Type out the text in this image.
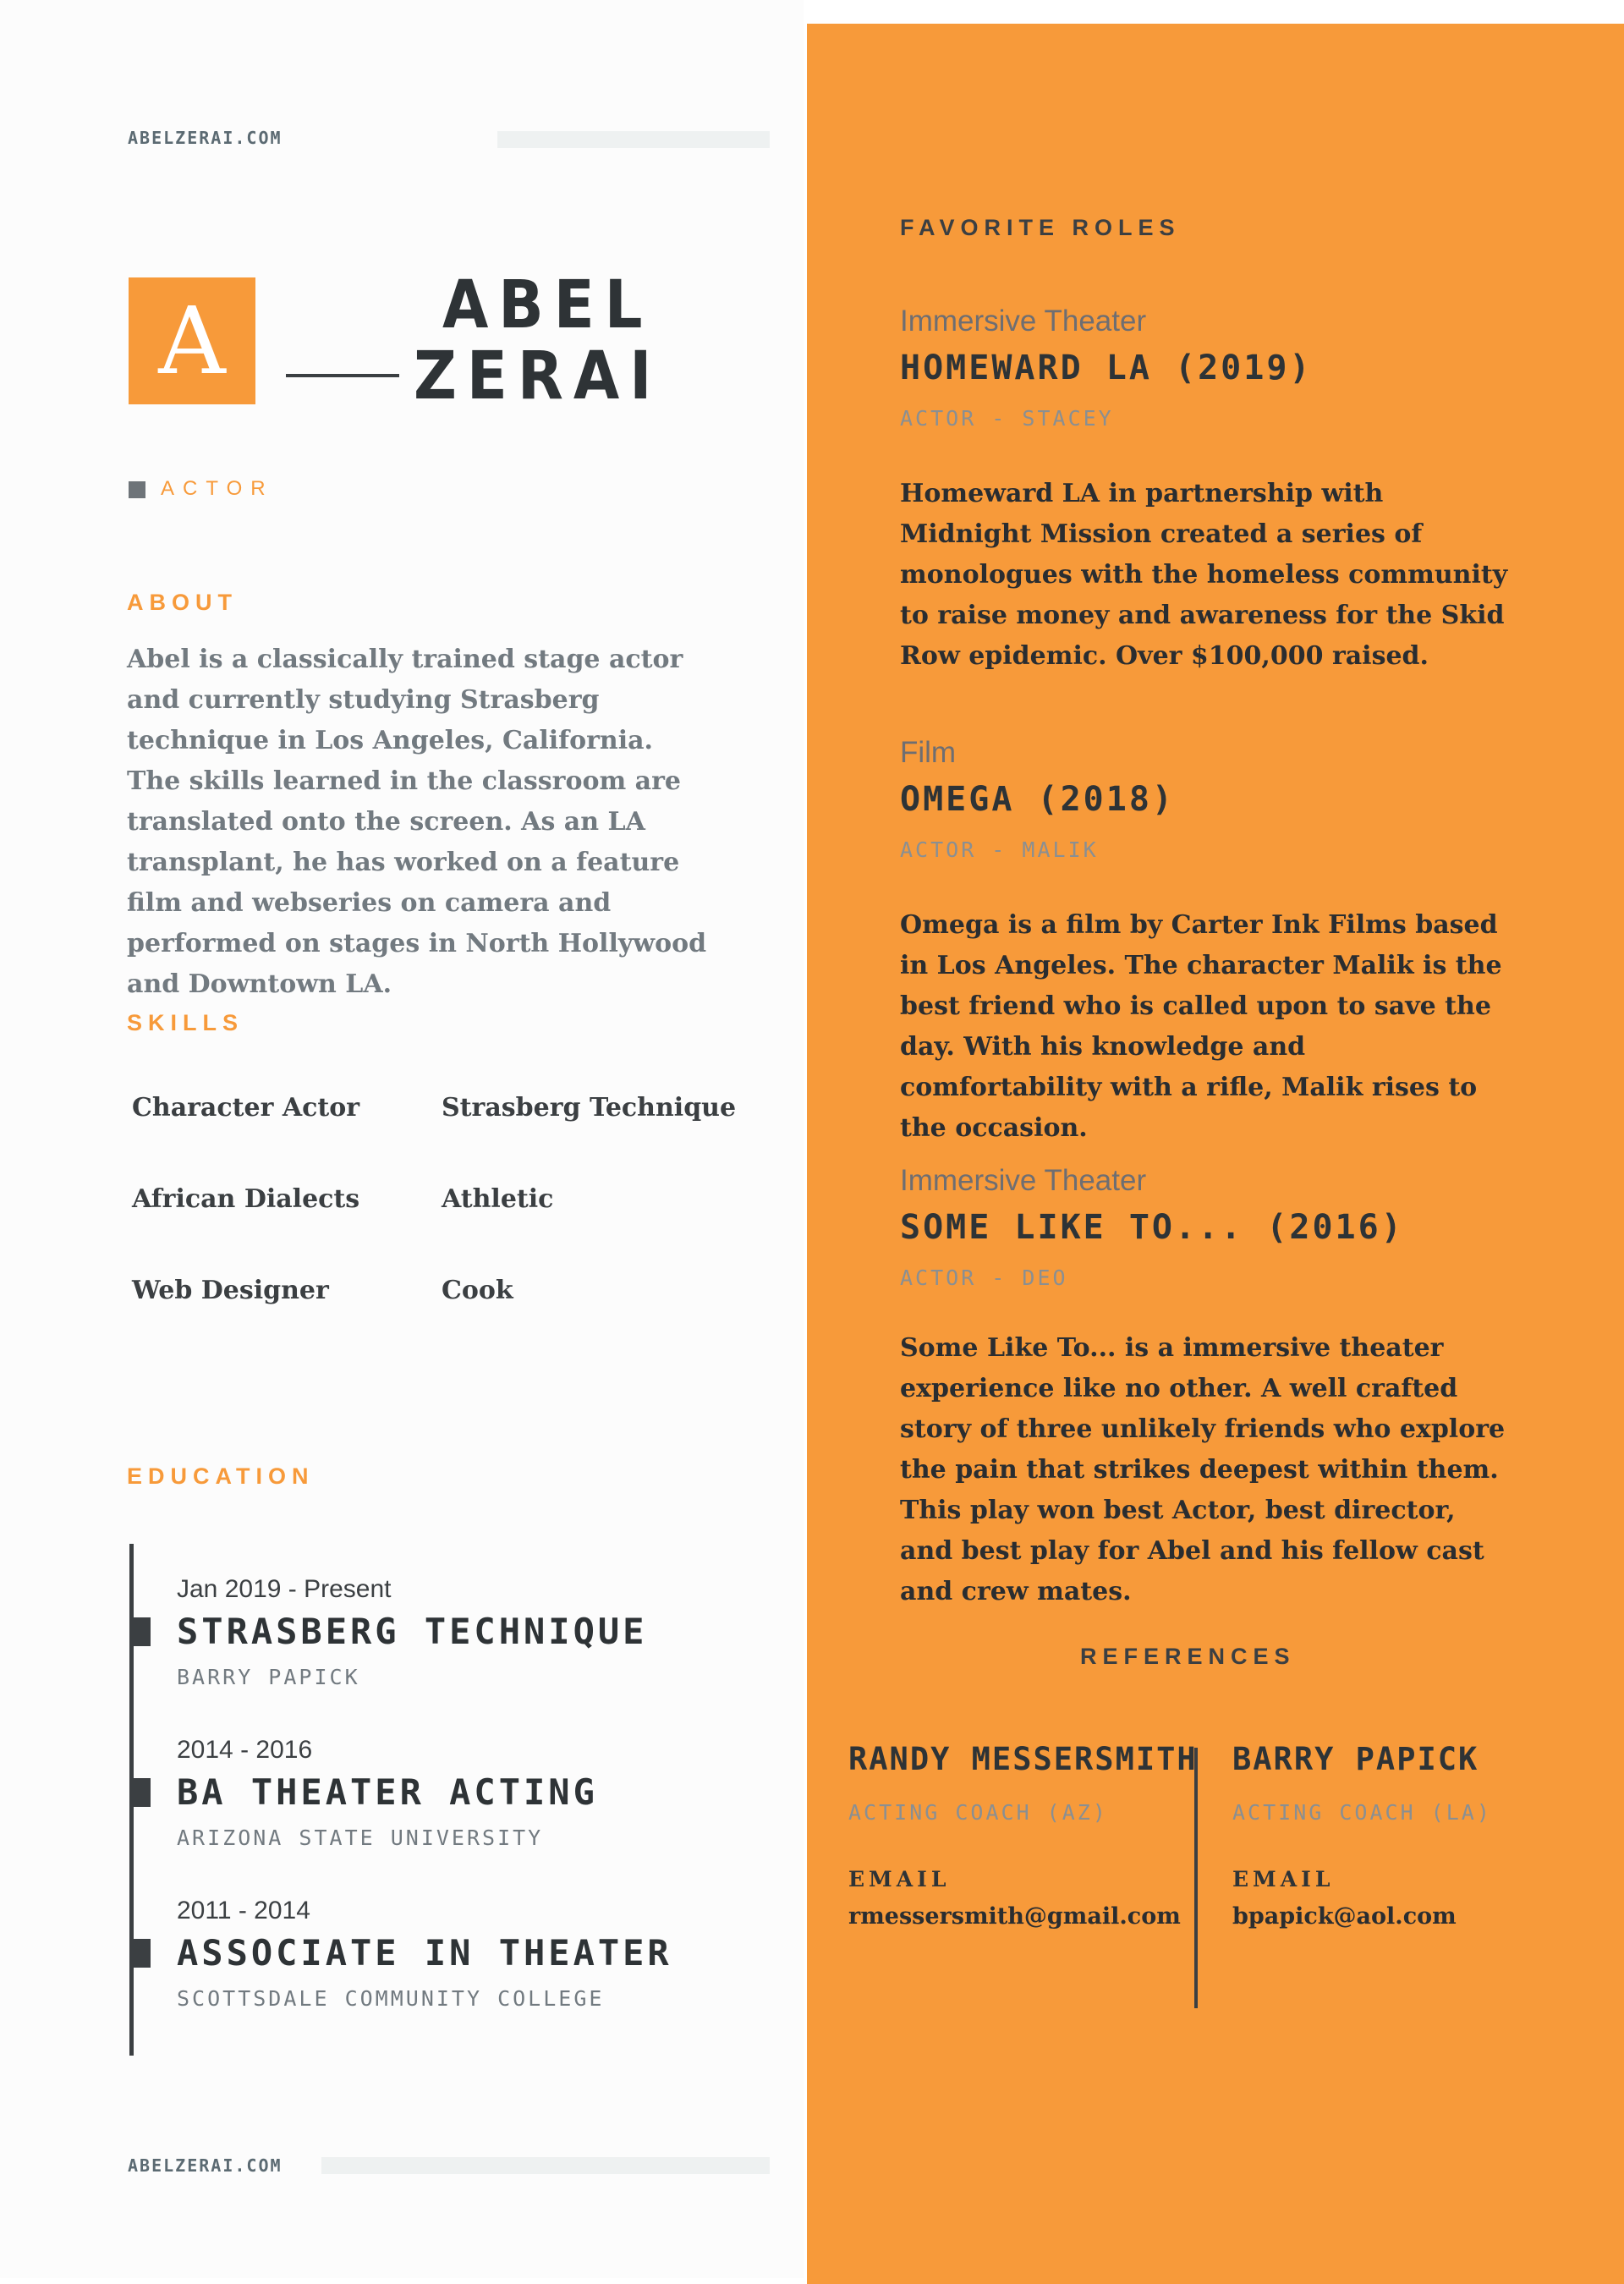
ABELZERAI.COM
A	ABEL
ZERAI
ACTOR
ABOUT
Abel is a classically trained stage actor and currently studying Strasberg technique in Los Angeles, California. The skills learned in the classroom are translated onto the screen. As an LA transplant, he has worked on a feature film and webseries on camera and performed on stages in North Hollywood and Downtown LA.
SKILLS
Character Actor	Strasberg Technique
African Dialects	Athletic
Web Designer	Cook
EDUCATION
Jan 2019 - Present
STRASBERG TECHNIQUE
BARRY PAPICK
2014 - 2016
BA THEATER ACTING
ARIZONA STATE UNIVERSITY
2011 - 2014
ASSOCIATE IN THEATER
SCOTTSDALE COMMUNITY COLLEGE
ABELZERAI.COM
FAVORITE ROLES
Immersive Theater
HOMEWARD LA (2019)
ACTOR - STACEY
Homeward LA in partnership with Midnight Mission created a series of monologues with the homeless community to raise money and awareness for the Skid Row epidemic. Over $100,000 raised.
Film
OMEGA (2018)
ACTOR - MALIK
Omega is a film by Carter Ink Films based in Los Angeles. The character Malik is the best friend who is called upon to save the day. With his knowledge and comfortability with a rifle, Malik rises to the occasion.
Immersive Theater
SOME LIKE TO... (2016)
ACTOR - DEO
Some Like To... is a immersive theater experience like no other. A well crafted story of three unlikely friends who explore the pain that strikes deepest within them. This play won best Actor, best director, and best play for Abel and his fellow cast and crew mates.
REFERENCES
RANDY MESSERSMITH
ACTING COACH (AZ)
EMAIL
rmessersmith@gmail.com
BARRY PAPICK
ACTING COACH (LA)
EMAIL
bpapick@aol.com
